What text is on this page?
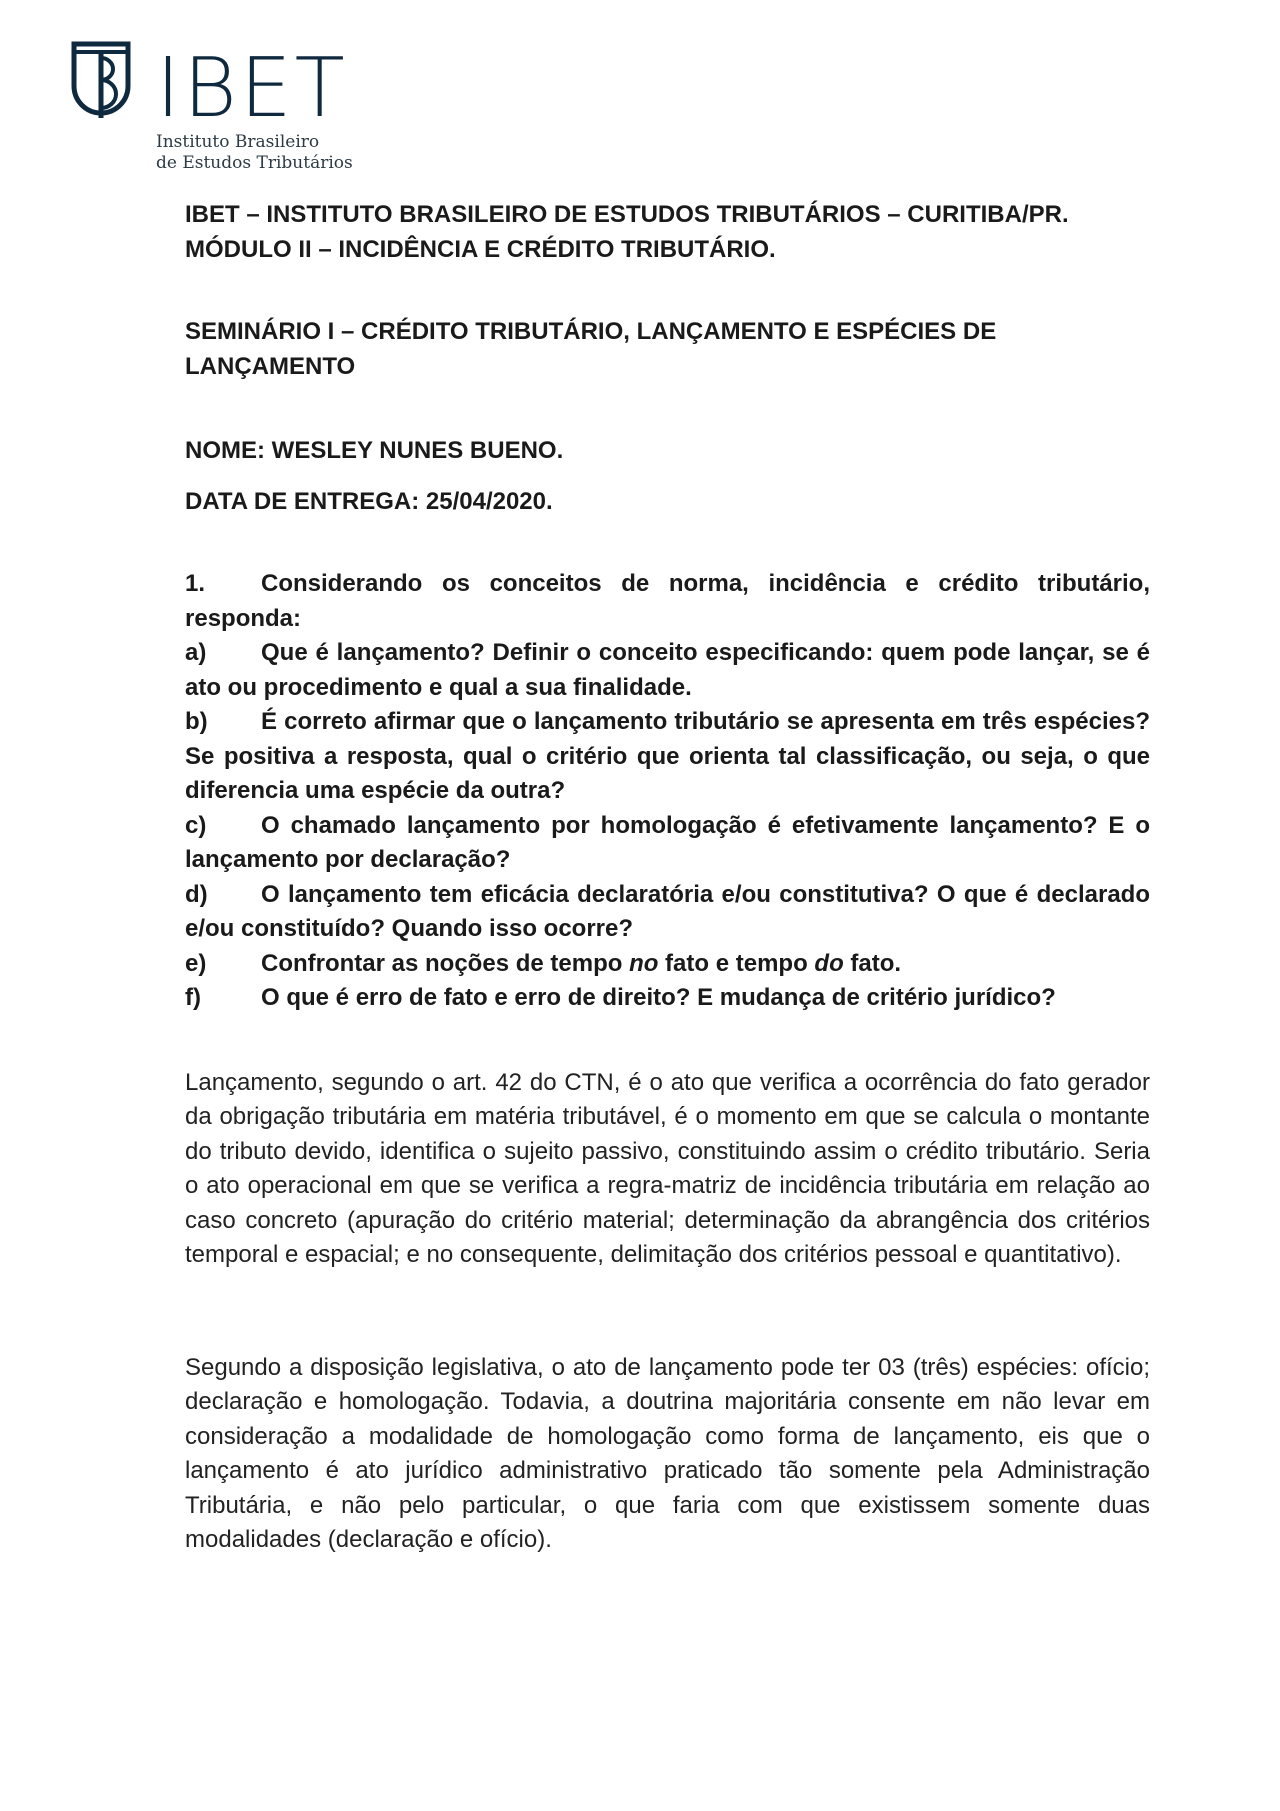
IBET
Instituto Brasileiro
de Estudos Tributários

IBET – INSTITUTO BRASILEIRO DE ESTUDOS TRIBUTÁRIOS – CURITIBA/PR.

MÓDULO II – INCIDÊNCIA E CRÉDITO TRIBUTÁRIO.

SEMINÁRIO I – CRÉDITO TRIBUTÁRIO, LANÇAMENTO E ESPÉCIES DE LANÇAMENTO

NOME: WESLEY NUNES BUENO.

DATA DE ENTREGA: 25/04/2020.

1. Considerando os conceitos de norma, incidência e crédito tributário, responda:

a) Que é lançamento? Definir o conceito especificando: quem pode lançar, se é ato ou procedimento e qual a sua finalidade.

b) É correto afirmar que o lançamento tributário se apresenta em três espécies? Se positiva a resposta, qual o critério que orienta tal classificação, ou seja, o que diferencia uma espécie da outra?

c) O chamado lançamento por homologação é efetivamente lançamento? E o lançamento por declaração?

d) O lançamento tem eficácia declaratória e/ou constitutiva? O que é declarado e/ou constituído? Quando isso ocorre?

e) Confrontar as noções de tempo no fato e tempo do fato.

f)	O que é erro de fato e erro de direito? E mudança de critério jurídico?

Lançamento, segundo o art. 42 do CTN, é o ato que verifica a ocorrência do fato gerador da obrigação tributária em matéria tributável, é o momento em que se calcula o montante do tributo devido, identifica o sujeito passivo, constituindo assim o crédito tributário. Seria o ato operacional em que se verifica a regra-matriz de incidência tributária em relação ao caso concreto (apuração do critério material; determinação da abrangência dos critérios temporal e espacial; e no consequente, delimitação dos critérios pessoal e quantitativo).

Segundo a disposição legislativa, o ato de lançamento pode ter 03 (três) espécies: ofício; declaração e homologação. Todavia, a doutrina majoritária consente em não levar em consideração a modalidade de homologação como forma de lançamento, eis que o lançamento é ato jurídico administrativo praticado tão somente pela Administração Tributária, e não pelo particular, o que faria com que existissem somente duas modalidades (declaração e ofício).
